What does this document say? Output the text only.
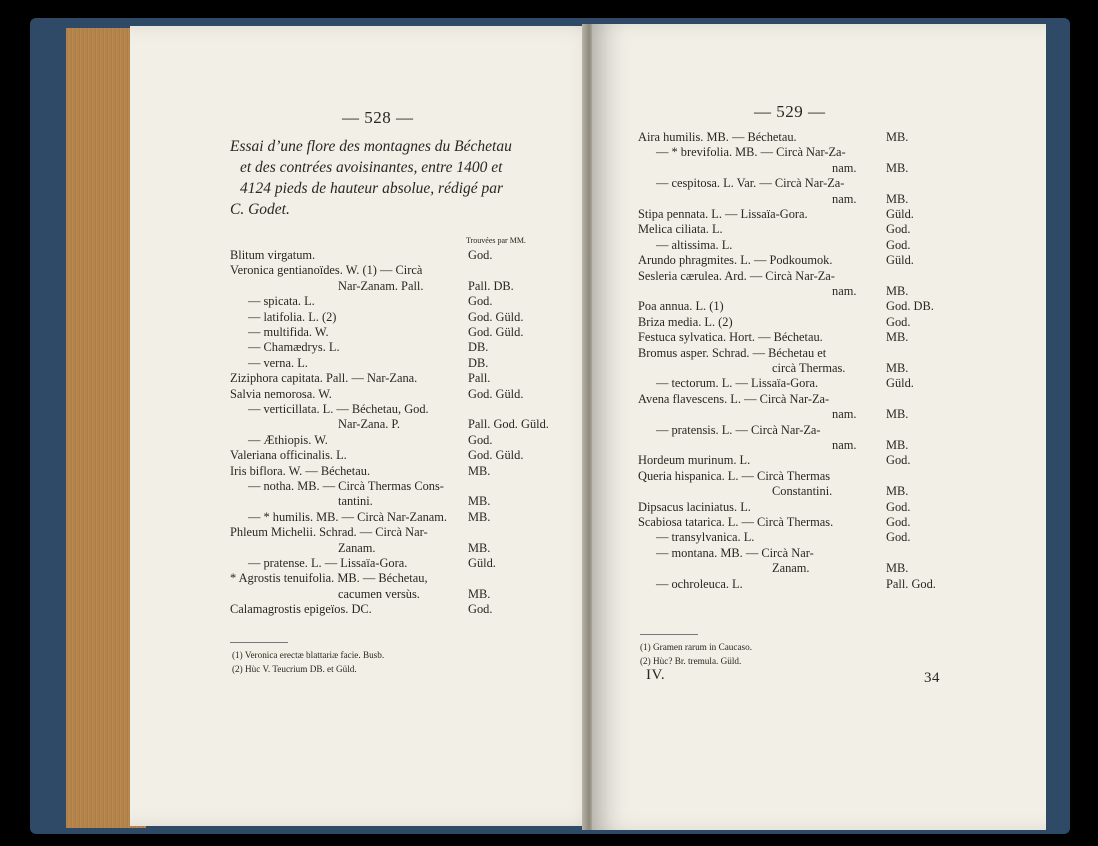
— 528 —
Essai d’une flore des montagnes du Béchetau
et des contrées avoisinantes, entre 1400 et
4124 pieds de hauteur absolue, rédigé par
C. Godet.
Trouvées par MM.
Blitum virgatum.	God.
Veronica gentianoïdes. W. (1) — Circà
Nar-Zanam. Pall.	Pall. DB.
— spicata. L.	God.
— latifolia. L. (2)	God. Güld.
— multifida. W.	God. Güld.
— Chamædrys. L.	DB.
— verna. L.	DB.
Ziziphora capitata. Pall. — Nar-Zana.	Pall.
Salvia nemorosa. W.	God. Güld.
— verticillata. L. — Béchetau, God.
Nar-Zana. P.	Pall. God. Güld.
— Æthiopis. W.	God.
Valeriana officinalis. L.	God. Güld.
Iris biflora. W. — Béchetau.	MB.
— notha. MB. — Circà Thermas Cons-
tantini.	MB.
— * humilis. MB. — Circà Nar-Zanam. MB.
Phleum Michelii. Schrad. — Circà Nar-
Zanam.	MB.
— pratense. L. — Lissaïa-Gora.	Güld.
* Agrostis tenuifolia. MB. — Béchetau,
cacumen versùs.	MB.
Calamagrostis epigeïos. DC.	God.
(1) Veronica erectæ blattariæ facie. Busb.
(2) Hùc V. Teucrium DB. et Güld.
— 529 —
Aira humilis. MB. — Béchetau.	MB.
— * brevifolia. MB. — Circà Nar-Za-
nam. MB.
— cespitosa. L. Var. — Circà Nar-Za-
nam. MB.
Stipa pennata. L. — Lissaïa-Gora.	Güld.
Melica ciliata. L.	God.
— altissima. L.	God.
Arundo phragmites. L. — Podkoumok.	Güld.
Sesleria cærulea. Ard. — Circà Nar-Za-
nam. MB.
Poa annua. L. (1)	God. DB.
Briza media. L. (2)	God.
Festuca sylvatica. Hort. — Béchetau.	MB.
Bromus asper. Schrad. — Béchetau et
circà Thermas.	MB.
— tectorum. L. — Lissaïa-Gora.	Güld.
Avena flavescens. L. — Circà Nar-Za-
nam. MB.
— pratensis. L. — Circà Nar-Za-
nam. MB.
Hordeum murinum. L.	God.
Queria hispanica. L. — Circà Thermas
Constantini.	MB.
Dipsacus laciniatus. L.	God.
Scabiosa tatarica. L. — Circà Thermas.	God.
— transylvanica. L.	God.
— montana. MB. — Circà Nar-
Zanam.	MB.
— ochroleuca. L.	Pall. God.
(1) Gramen rarum in Caucaso.
(2) Hùc? Br. tremula. Güld.
IV.	34
